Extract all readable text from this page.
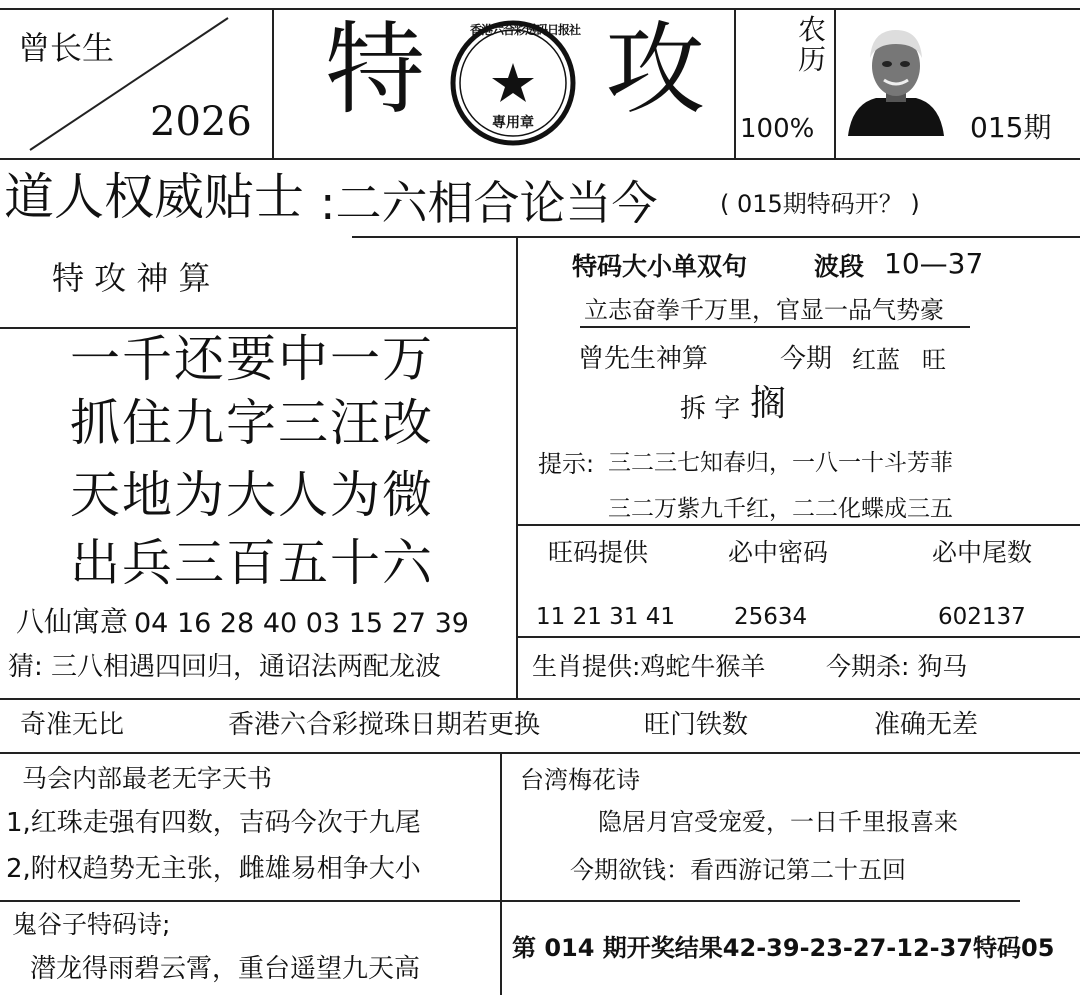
曾长生
2026 特 攻
香港六合彩透码日报社
專用章
农
历
100%	015期
道人权威贴士 :二六相合论当今	( 015期特码开？ )
特 攻 神 算
一千还要中一万
抓住九字三汪改
天地为大人为微
出兵三百五十六
八仙寓意 04 16 28 40 03 15 27 39
猜: 三八相遇四回归，通诏法两配龙波
特码大小单双句	波段 10—37
立志奋拳千万里，官显一品气势豪
曾先生神算	今期 红蓝 旺
拆 字 搁
提示: 三二三七知春归，一八一十斗芳菲
三二万紫九千红，二二化蝶成三五
旺码提供	必中密码	必中尾数
11 21 31 41	25634	602137
生肖提供:鸡蛇牛猴羊 今期杀: 狗马
奇准无比	香港六合彩搅珠日期若更换	旺门铁数	准确无差
马会内部最老无字天书
1,红珠走强有四数，吉码今次于九尾
2,附权趋势无主张，雌雄易相争大小
台湾梅花诗
隐居月宫受宠爱，一日千里报喜来
今期欲钱：看西游记第二十五回
鬼谷子特码诗;
潜龙得雨碧云霄，重台遥望九天高
第 014 期开奖结果42-39-23-27-12-37特码05
